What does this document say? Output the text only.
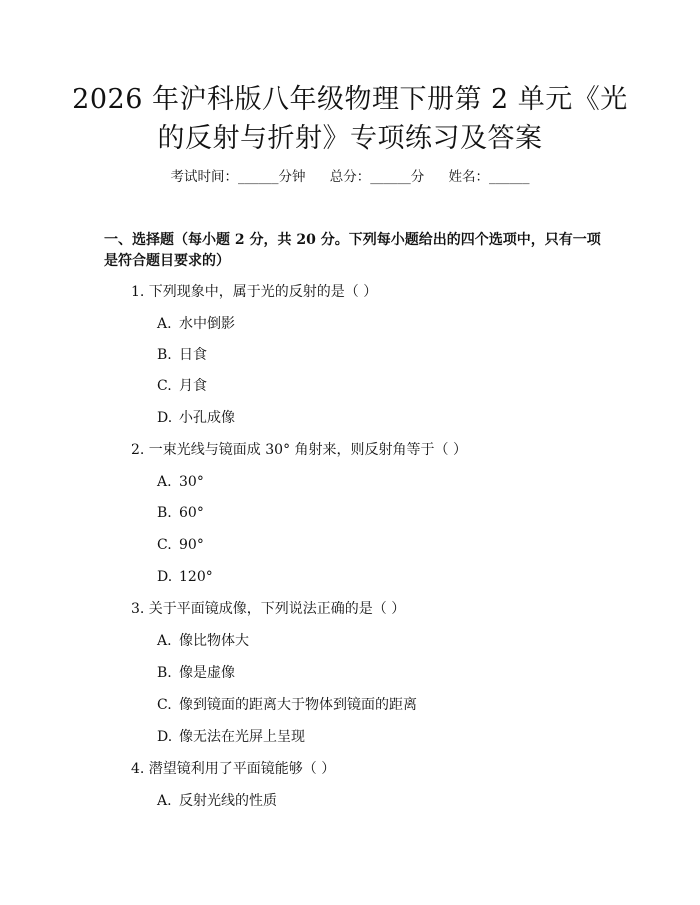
2026 年沪科版八年级物理下册第 2 单元《光
的反射与折射》专项练习及答案
考试时间：______分钟 总分：______分 姓名：______

一、选择题（每小题 2 分，共 20 分。下列每小题给出的四个选项中，只有一项是符合题目要求的）

1. 下列现象中，属于光的反射的是（ ）
A. 水中倒影
B. 日食
C. 月食
D. 小孔成像
2. 一束光线与镜面成 30° 角射来，则反射角等于（ ）
A. 30°
B. 60°
C. 90°
D. 120°
3. 关于平面镜成像，下列说法正确的是（ ）
A. 像比物体大
B. 像是虚像
C. 像到镜面的距离大于物体到镜面的距离
D. 像无法在光屏上呈现
4. 潜望镜利用了平面镜能够（ ）
A. 反射光线的性质
